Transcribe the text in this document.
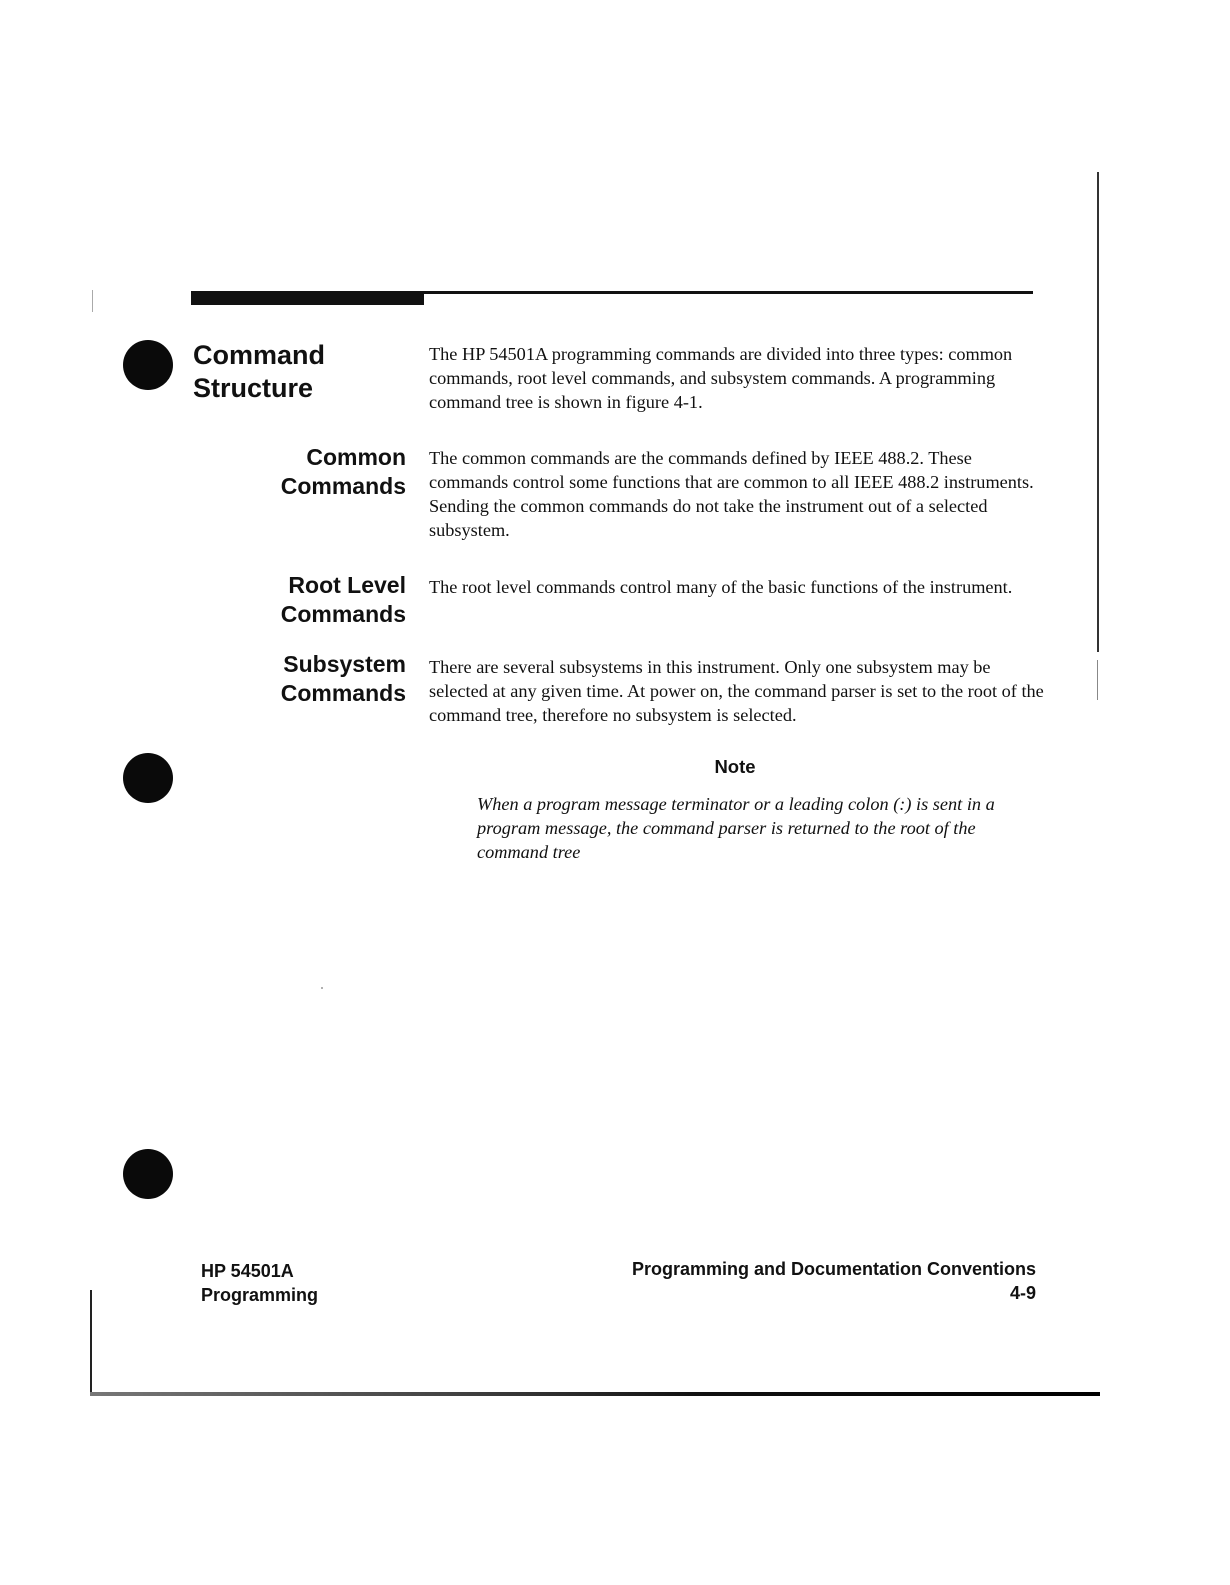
Command
Structure

The HP 54501A programming commands are divided into three types: common commands, root level commands, and subsystem commands. A programming command tree is shown in figure 4-1.

Common
Commands

The common commands are the commands defined by IEEE 488.2. These commands control some functions that are common to all IEEE 488.2 instruments. Sending the common commands do not take the instrument out of a selected subsystem.

Root Level
Commands

The root level commands control many of the basic functions of the instrument.

Subsystem
Commands

There are several subsystems in this instrument. Only one subsystem may be selected at any given time. At power on, the command parser is set to the root of the command tree, therefore no subsystem is selected.

Note

When a program message terminator or a leading colon (:) is sent in a program message, the command parser is returned to the root of the command tree

HP 54501A
Programming
Programming and Documentation Conventions
4-9
